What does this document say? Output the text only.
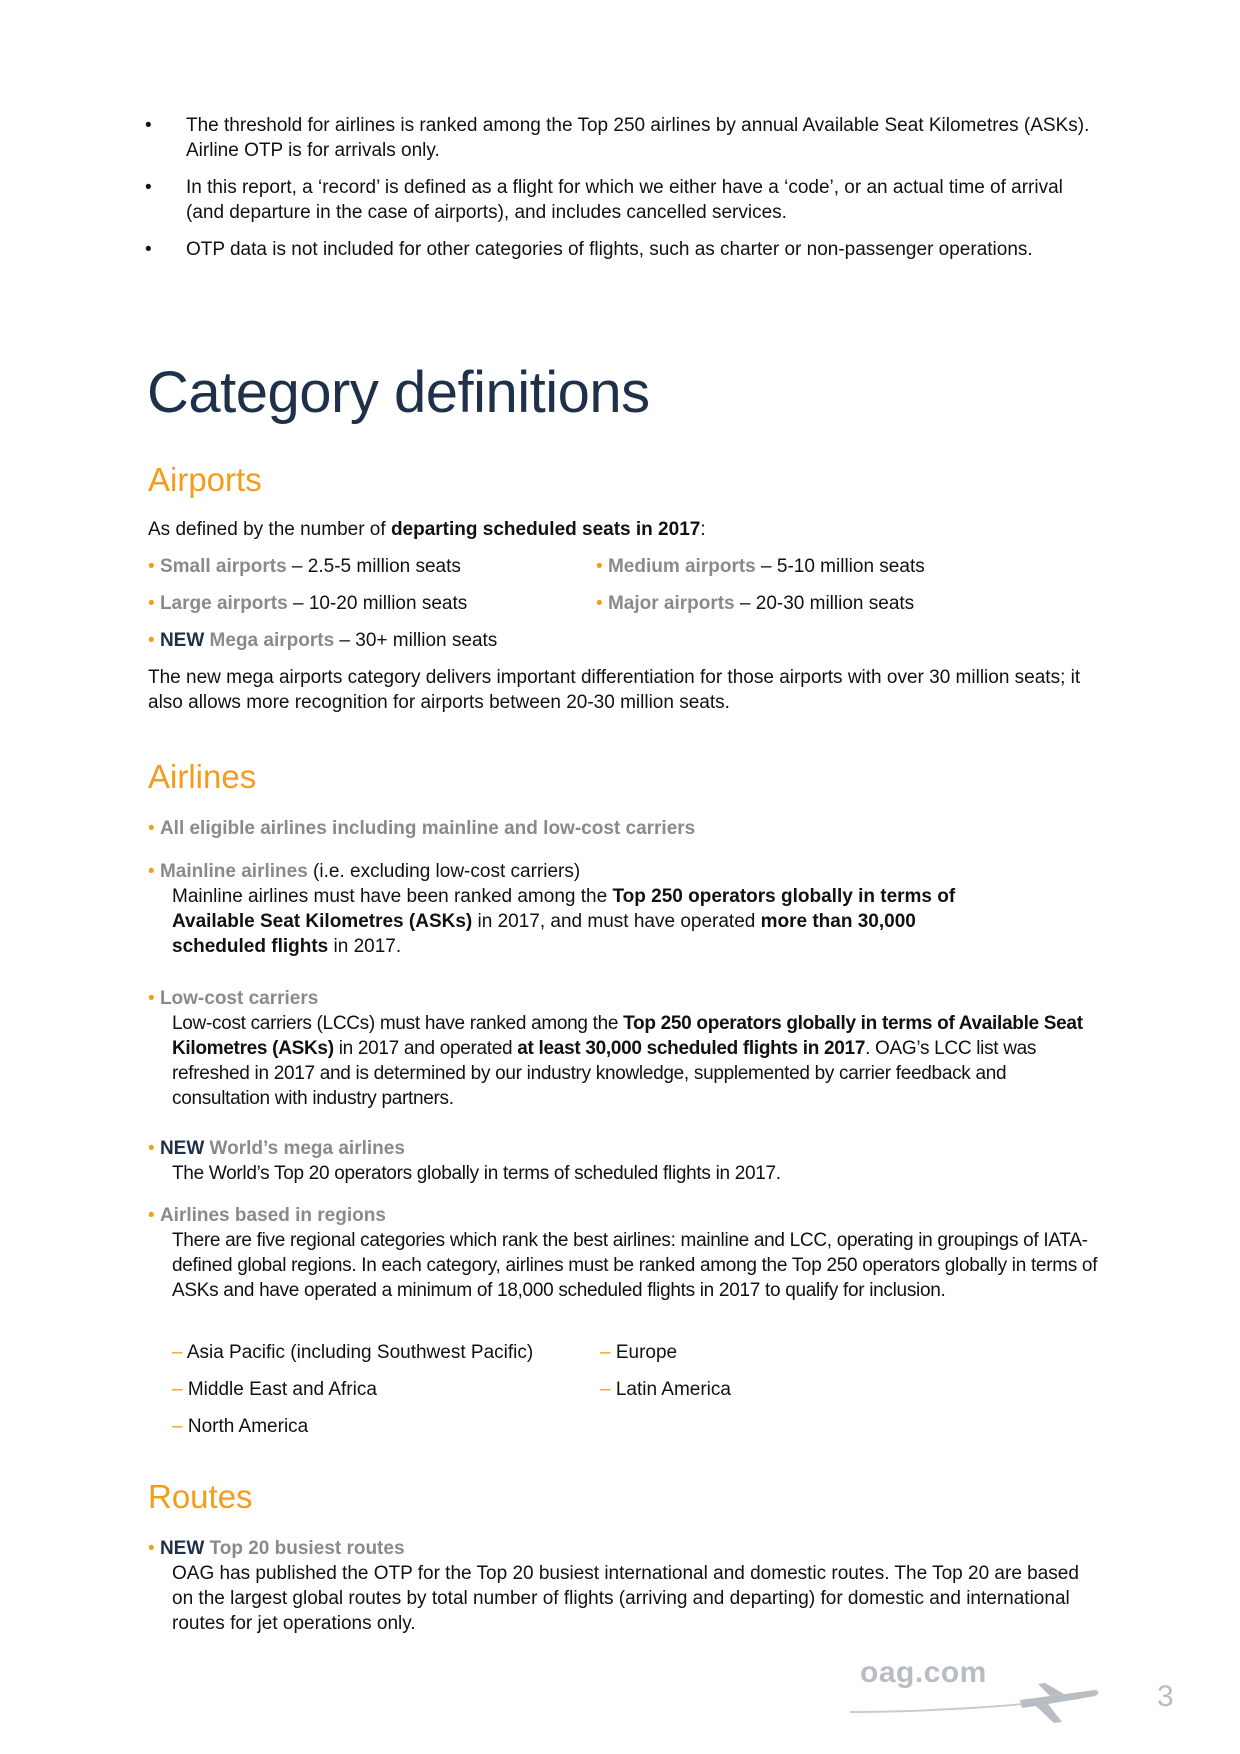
• The threshold for airlines is ranked among the Top 250 airlines by annual Available Seat Kilometres (ASKs). Airline OTP is for arrivals only.
• In this report, a ‘record’ is defined as a flight for which we either have a ‘code’, or an actual time of arrival (and departure in the case of airports), and includes cancelled services.
• OTP data is not included for other categories of flights, such as charter or non-passenger operations.
Category definitions
Airports
As defined by the number of departing scheduled seats in 2017:
• Small airports – 2.5-5 million seats	• Medium airports – 5-10 million seats
• Large airports – 10-20 million seats	• Major airports – 20-30 million seats
• NEW Mega airports – 30+ million seats
The new mega airports category delivers important differentiation for those airports with over 30 million seats; it also allows more recognition for airports between 20-30 million seats.
Airlines
• All eligible airlines including mainline and low-cost carriers
• Mainline airlines (i.e. excluding low-cost carriers)
Mainline airlines must have been ranked among the Top 250 operators globally in terms of Available Seat Kilometres (ASKs) in 2017, and must have operated more than 30,000 scheduled flights in 2017.
• Low-cost carriers
Low-cost carriers (LCCs) must have ranked among the Top 250 operators globally in terms of Available Seat Kilometres (ASKs) in 2017 and operated at least 30,000 scheduled flights in 2017. OAG’s LCC list was refreshed in 2017 and is determined by our industry knowledge, supplemented by carrier feedback and consultation with industry partners.
• NEW World’s mega airlines
The World’s Top 20 operators globally in terms of scheduled flights in 2017.
• Airlines based in regions
There are five regional categories which rank the best airlines: mainline and LCC, operating in groupings of IATA-defined global regions. In each category, airlines must be ranked among the Top 250 operators globally in terms of ASKs and have operated a minimum of 18,000 scheduled flights in 2017 to qualify for inclusion.
– Asia Pacific (including Southwest Pacific)	– Europe
– Middle East and Africa	– Latin America
– North America
Routes
• NEW Top 20 busiest routes
OAG has published the OTP for the Top 20 busiest international and domestic routes. The Top 20 are based on the largest global routes by total number of flights (arriving and departing) for domestic and international routes for jet operations only.
oag.com
3
